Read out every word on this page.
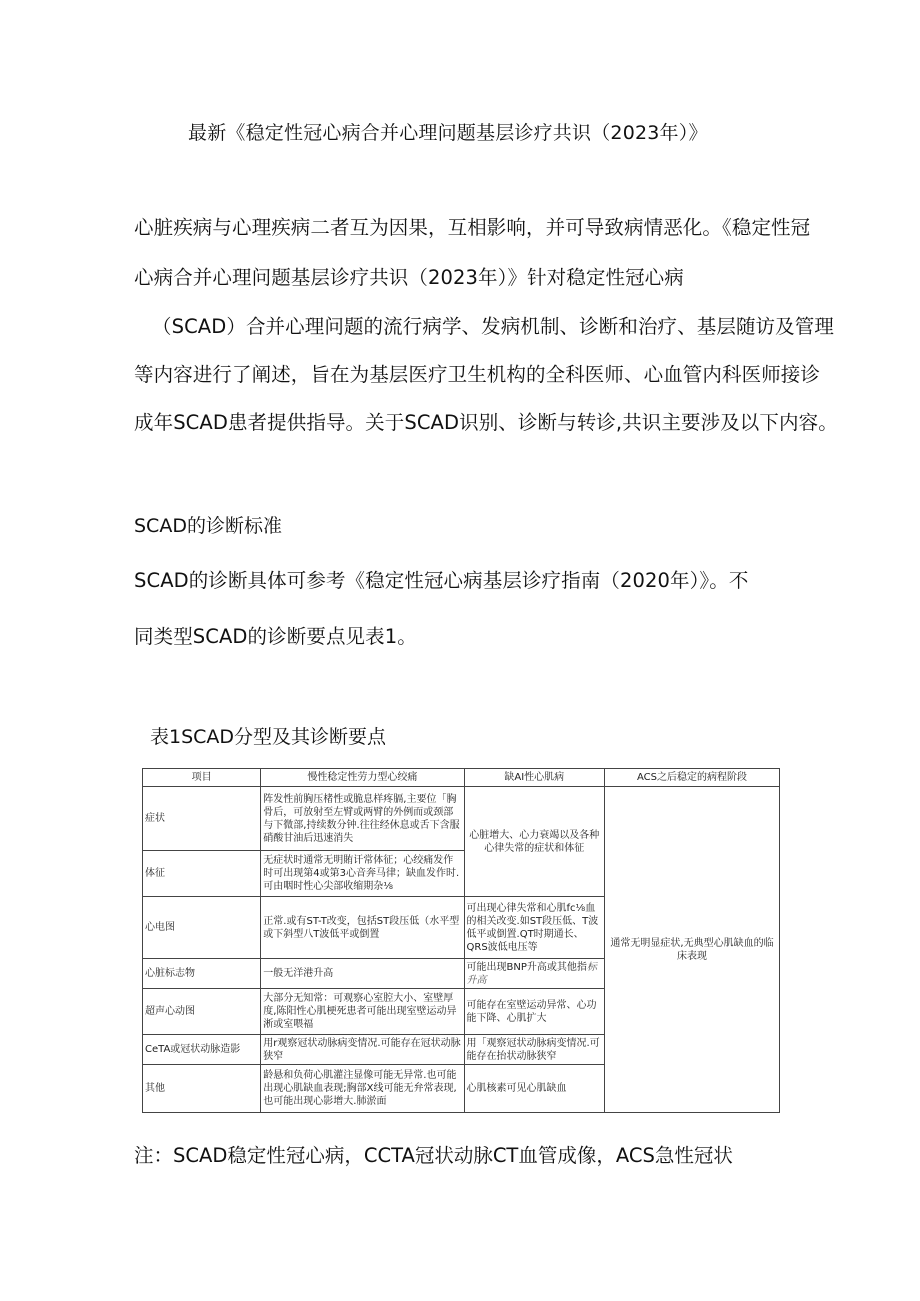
最新《稳定性冠心病合并心理问题基层诊疗共识（2023年）》
心脏疾病与心理疾病二者互为因果，互相影响，并可导致病情恶化。《稳定性冠
心病合并心理问题基层诊疗共识（2023年）》针对稳定性冠心病
（SCAD）合并心理问题的流行病学、发病机制、诊断和治疗、基层随访及管理
等内容进行了阐述，旨在为基层医疗卫生机构的全科医师、心血管内科医师接诊
成年SCAD患者提供指导。关于SCAD识别、诊断与转诊,共识主要涉及以下内容。
SCAD的诊断标准
SCAD的诊断具体可参考《稳定性冠心病基层诊疗指南（2020年）》。不
同类型SCAD的诊断要点见表1。
表1SCAD分型及其诊断要点
项目	慢性稔定性劳力型心绞痛	缺AI性心肌病	ACS之后稳定的病程阶段
症状	阵发性前胸压楮性或脆息样疼膈,主要位「胸骨后，可放射至左臂或两臂的外例而或颈部与下微部,持续数分钟.往往经休息或舌下含服硝酸甘油后迅速消失	心脏增大、心力衰竭以及各种心律失常的症状和体征	通常无明显症状,无典型心肌缺血的临床表现
体征	无症状时通常无明賄讦常体征；心绞痛发作时可出现第4或第3心音奔马律；缺血发作时.可由咽时性心尖部收缩期杂⅛		
心电图	正常.或有ST-T改变，包括ST段压低（水平型或下斜型八T波低平或倒置	可出现心律失常和心肌fc⅛血的相关改变.如ST段压低、T波低平或倒置.QT时期通长、QRS波低电压等	
心脏标志物	一般无洋港升高	可能出现BNP升高或其他指标升高	
超声心动图	大部分无知常：可观察心室腔大小、室壁厚度,陈阳性心肌梗死患者可能出现室壁运动异淅或室喂福	可能存在室壁运动异常、心功能下降、心肌扩大	
CeTA或冠状动脉造影	用r观察冠状动脉病变情况.可能存在冠状动脉狭窄	用「观察冠状动脉病变情况.可能存在抬状动脉狭窄	
其他	龄悬和负荷心肌灌注显像可能无异常.也可能出现心肌缺血表现;胸部X线可能无弁常表现,也可能出现心影增大.肺淤面	心肌核素可见心肌缺血	
注：SCAD稳定性冠心病，CCTA冠状动脉CT血管成像，ACS急性冠状
